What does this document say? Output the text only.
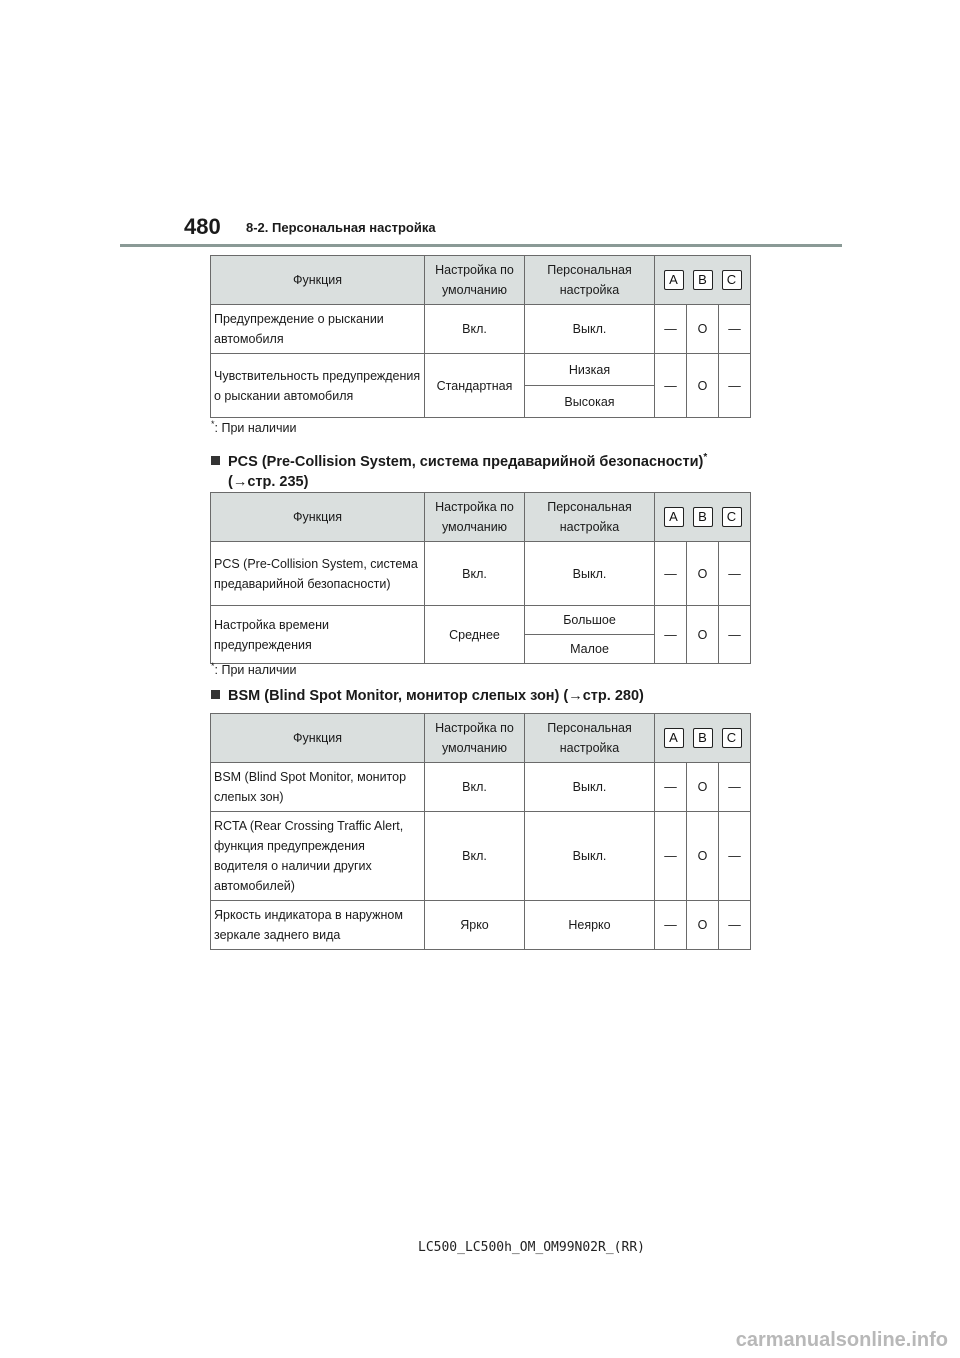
480 8-2. Персональная настройка
Функция	Настройка по умолчанию	Персональная настройка	A B C		

Предупреждение о рыскании автомобиля	Вкл.	Выкл.	—	O	—
Чувствительность предупреждения о рыскании автомобиля	Стандартная	Низкая	—	O	—
		Высокая			
*: При наличии
PCS (Pre-Collision System, система предаварийной безопасности)*
(→стр. 235)
Функция	Настройка по умолчанию	Персональная настройка	A B C		

PCS (Pre-Collision System, система предаварийной безопасности)	Вкл.	Выкл.	—	O	—
Настройка времени предупреждения	Среднее	Большое	—	O	—
		Малое			
*: При наличии
BSM (Blind Spot Monitor, монитор слепых зон) (→стр. 280)
Функция	Настройка по умолчанию	Персональная настройка	A B C		

BSM (Blind Spot Monitor, монитор слепых зон)	Вкл.	Выкл.	—	O	—
RCTA (Rear Crossing Traffic Alert, функция предупреждения водителя о наличии других автомобилей)	Вкл.	Выкл.	—	O	—
Яркость индикатора в наружном зеркале заднего вида	Ярко	Неярко	—	O	—
LC500_LC500h_OM_OM99N02R_(RR)
carmanualsonline.info
